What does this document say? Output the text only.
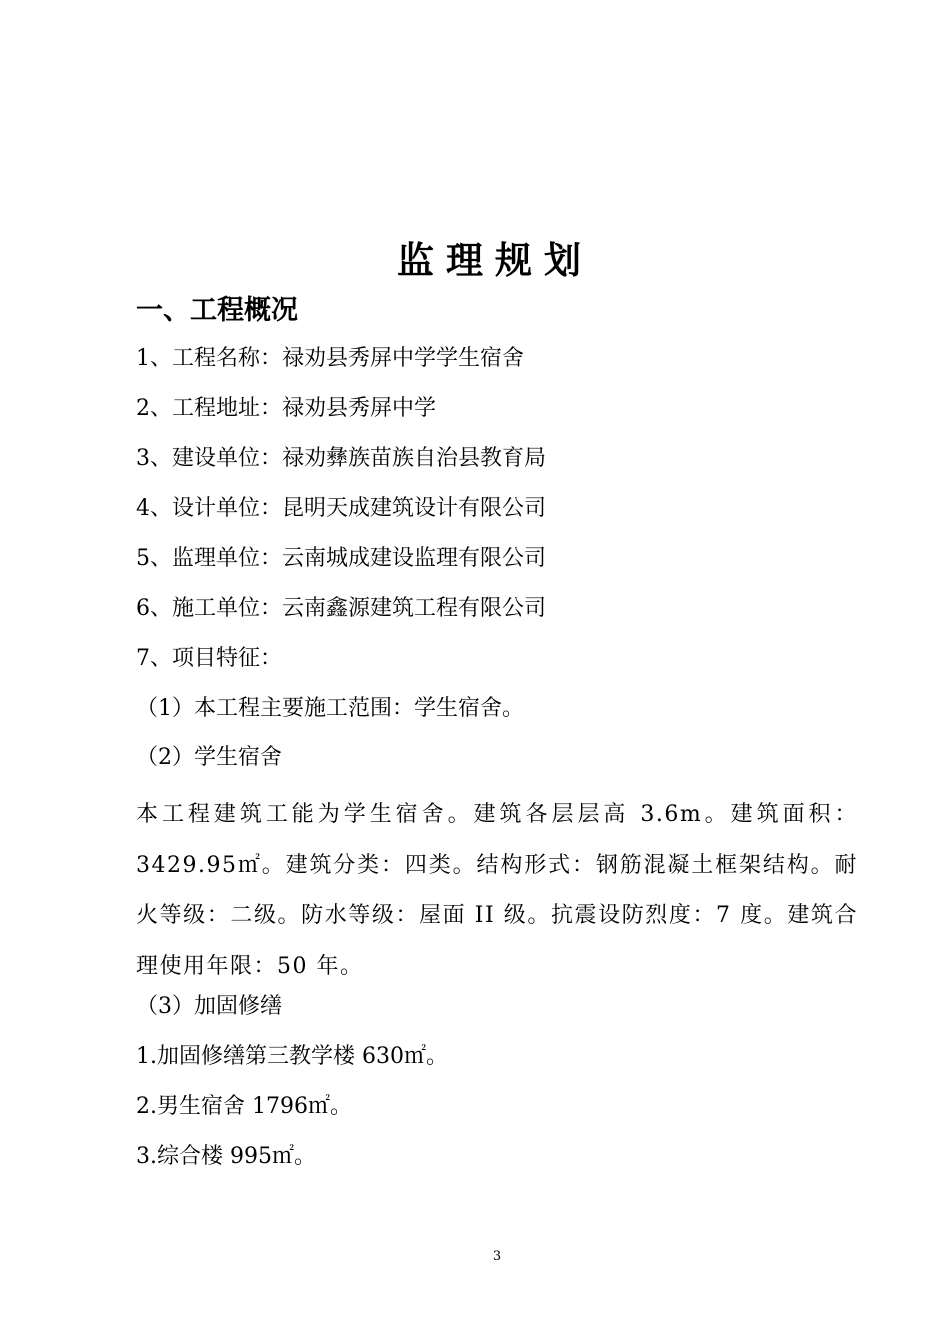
监理规划
一、工程概况

1、工程名称：禄劝县秀屏中学学生宿舍

2、工程地址：禄劝县秀屏中学

3、建设单位：禄劝彝族苗族自治县教育局

4、设计单位：昆明天成建筑设计有限公司

5、监理单位：云南城成建设监理有限公司

6、施工单位：云南鑫源建筑工程有限公司

7、项目特征：

（1）本工程主要施工范围：学生宿舍。

（2）学生宿舍

本工程建筑工能为学生宿舍。建筑各层层高 3.6m。建筑面积：3429.95㎡。建筑分类：四类。结构形式：钢筋混凝土框架结构。耐火等级：二级。防水等级：屋面 II 级。抗震设防烈度：7 度。建筑合理使用年限：50 年。

（3）加固修缮

1.加固修缮第三教学楼 630㎡。

2.男生宿舍 1796㎡。

3.综合楼 995㎡。

3
